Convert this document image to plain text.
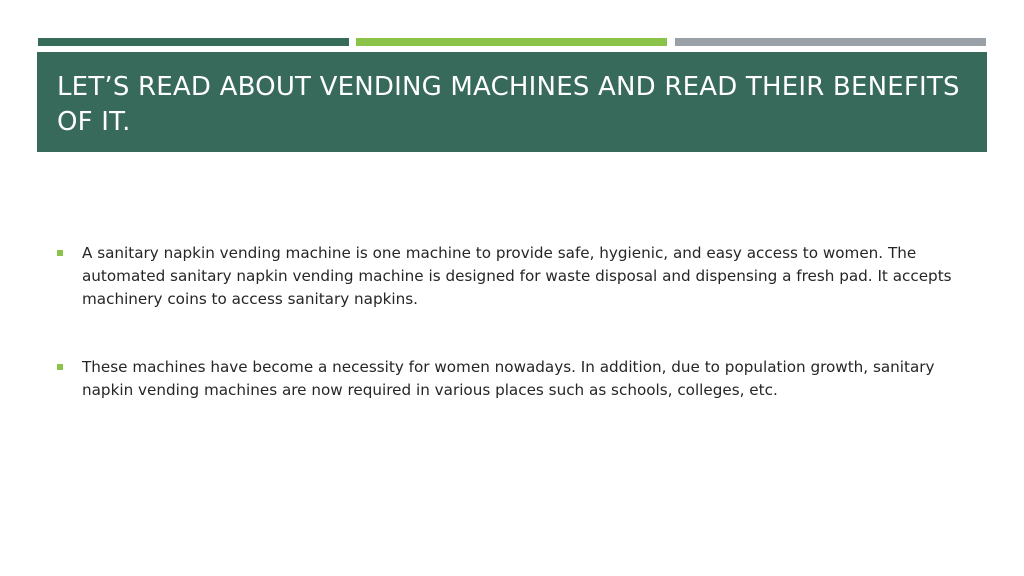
LET’S READ ABOUT VENDING MACHINES AND READ THEIR BENEFITS OF IT.
A sanitary napkin vending machine is one machine to provide safe, hygienic, and easy access to women. The automated sanitary napkin vending machine is designed for waste disposal and dispensing a fresh pad. It accepts machinery coins to access sanitary napkins.
These machines have become a necessity for women nowadays. In addition, due to population growth, sanitary napkin vending machines are now required in various places such as schools, colleges, etc.
